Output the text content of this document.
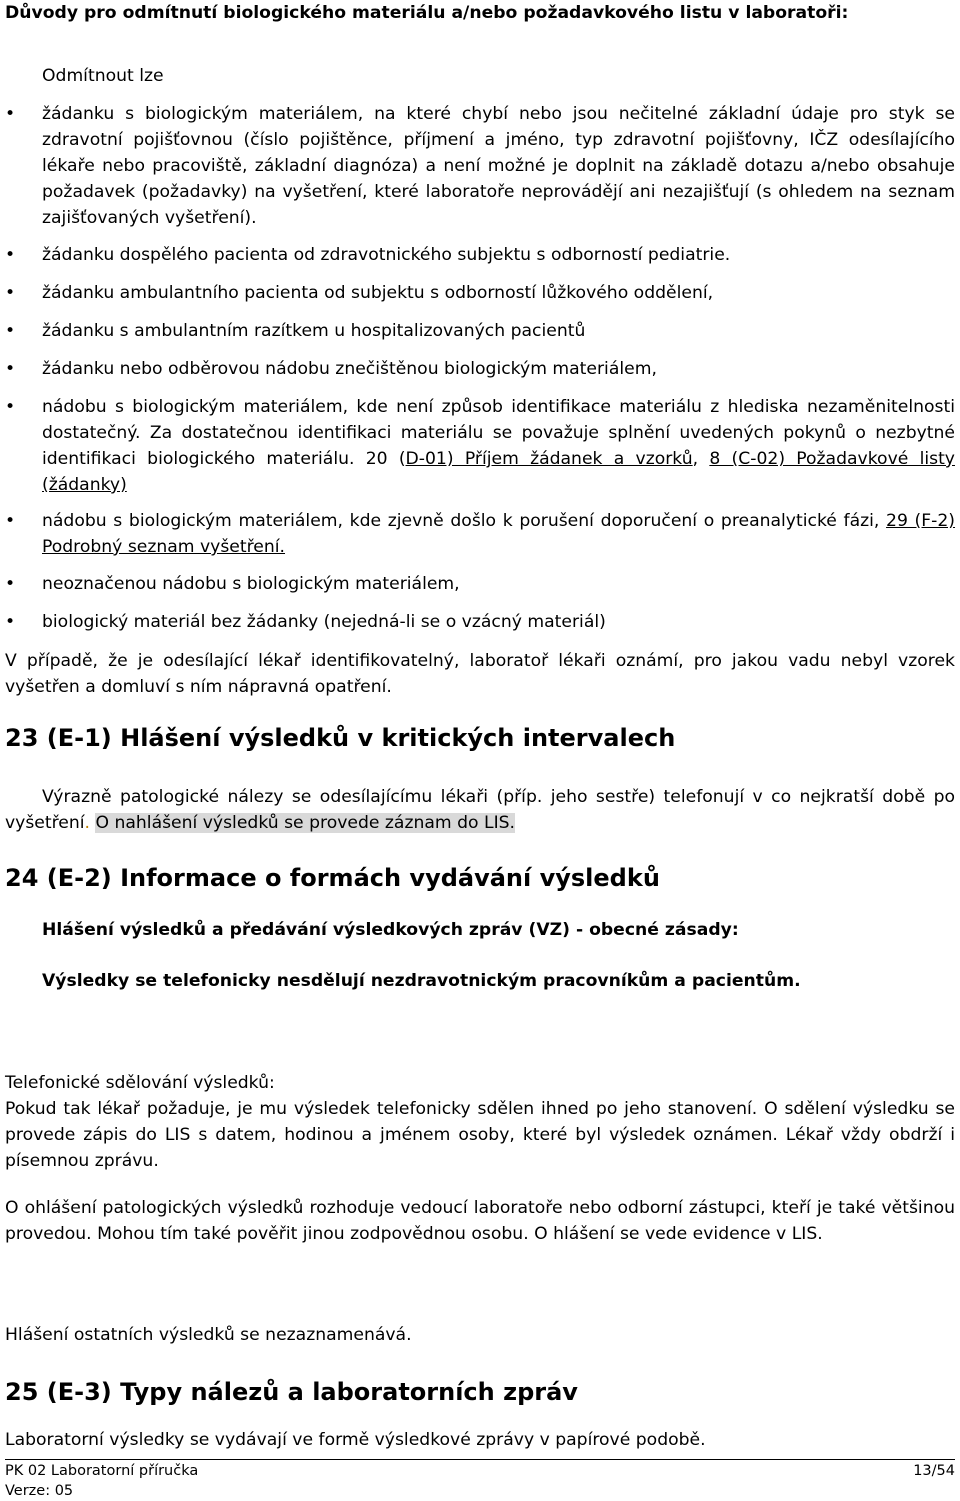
Důvody pro odmítnutí biologického materiálu a/nebo požadavkového listu v laboratoři:

Odmítnout lze

• žádanku s biologickým materiálem, na které chybí nebo jsou nečitelné základní údaje pro styk se zdravotní pojišťovnou (číslo pojištěnce, příjmení a jméno, typ zdravotní pojišťovny, IČZ odesílajícího lékaře nebo pracoviště, základní diagnóza) a není možné je doplnit na základě dotazu a/nebo obsahuje požadavek (požadavky) na vyšetření, které laboratoře neprovádějí ani nezajišťují (s ohledem na seznam zajišťovaných vyšetření).
• žádanku dospělého pacienta od zdravotnického subjektu s odborností pediatrie.
• žádanku ambulantního pacienta od subjektu s odborností lůžkového oddělení,
• žádanku s ambulantním razítkem u hospitalizovaných pacientů
• žádanku nebo odběrovou nádobu znečištěnou biologickým materiálem,
• nádobu s biologickým materiálem, kde není způsob identifikace materiálu z hlediska nezaměnitelnosti dostatečný. Za dostatečnou identifikaci materiálu se považuje splnění uvedených pokynů o nezbytné identifikaci biologického materiálu. 20 (D-01) Příjem žádanek a vzorků, 8 (C-02) Požadavkové listy (žádanky)
• nádobu s biologickým materiálem, kde zjevně došlo k porušení doporučení o preanalytické fázi, 29 (F-2) Podrobný seznam vyšetření.
• neoznačenou nádobu s biologickým materiálem,
• biologický materiál bez žádanky (nejedná-li se o vzácný materiál)

V případě, že je odesílající lékař identifikovatelný, laboratoř lékaři oznámí, pro jakou vadu nebyl vzorek vyšetřen a domluví s ním nápravná opatření.

23 (E-1) Hlášení výsledků v kritických intervalech

Výrazně patologické nálezy se odesílajícímu lékaři (příp. jeho sestře) telefonují v co nejkratší době po vyšetření. O nahlášení výsledků se provede záznam do LIS.

24 (E-2) Informace o formách vydávání výsledků

Hlášení výsledků a předávání výsledkových zpráv (VZ) - obecné zásady:

Výsledky se telefonicky nesdělují nezdravotnickým pracovníkům a pacientům.

Telefonické sdělování výsledků:

Pokud tak lékař požaduje, je mu výsledek telefonicky sdělen ihned po jeho stanovení. O sdělení výsledku se provede zápis do LIS s datem, hodinou a jménem osoby, které byl výsledek oznámen. Lékař vždy obdrží i písemnou zprávu.

O ohlášení patologických výsledků rozhoduje vedoucí laboratoře nebo odborní zástupci, kteří je také většinou provedou. Mohou tím také pověřit jinou zodpovědnou osobu. O hlášení se vede evidence v LIS.

Hlášení ostatních výsledků se nezaznamenává.

25 (E-3) Typy nálezů a laboratorních zpráv

Laboratorní výsledky se vydávají ve formě výsledkové zprávy v papírové podobě.

PK 02 Laboratorní příručka	13/54
Verze: 05
